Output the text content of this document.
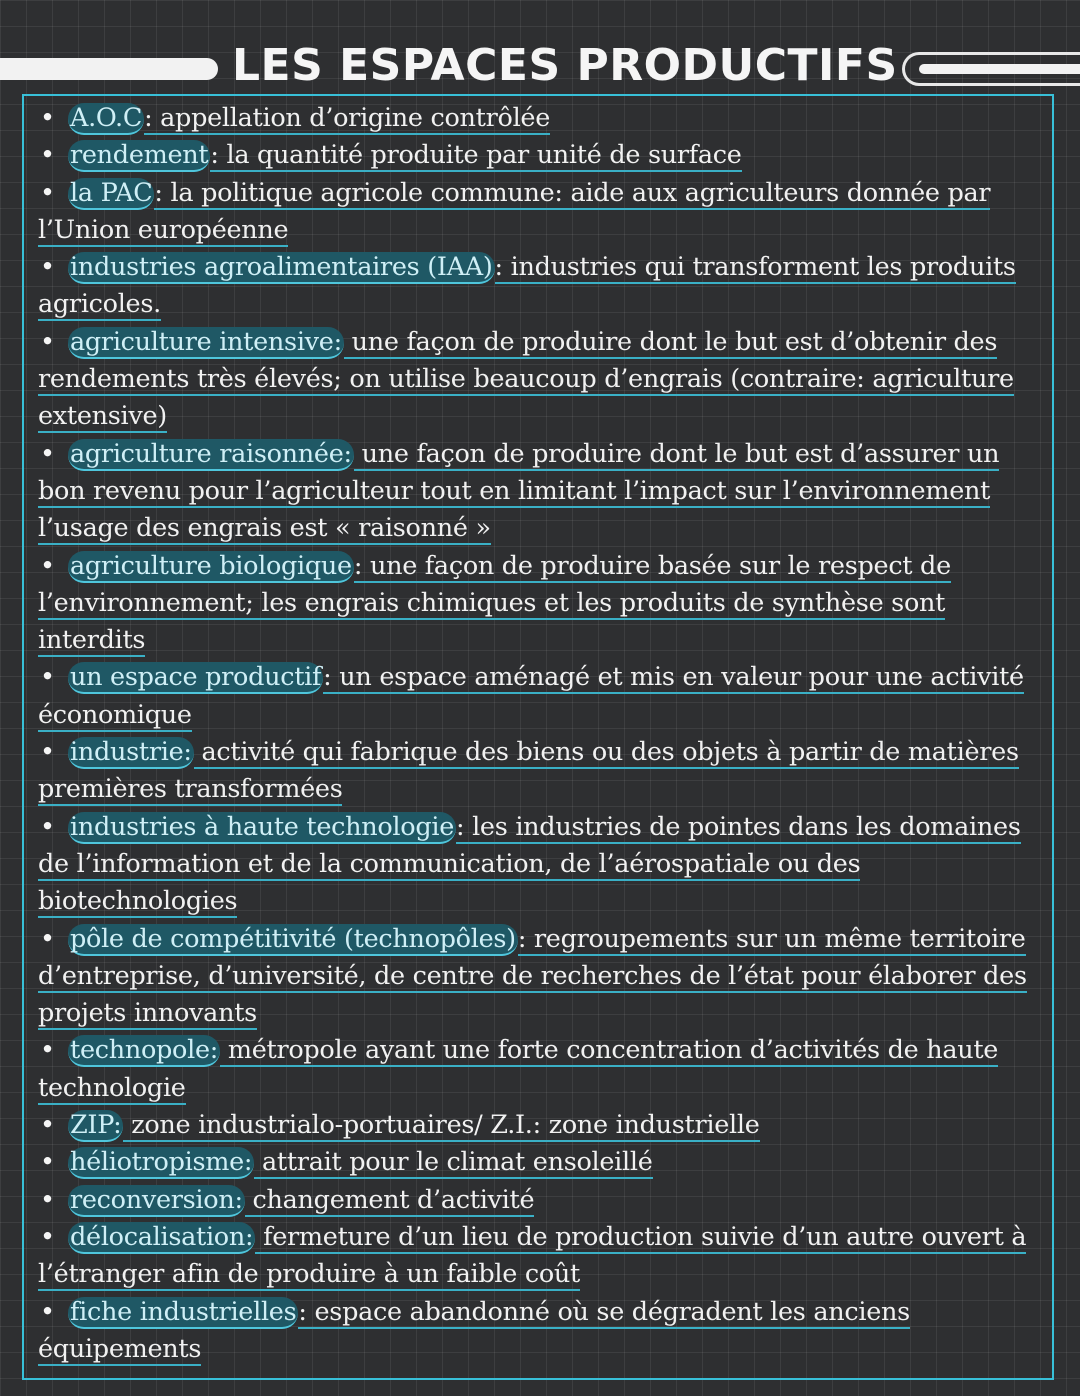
LES ESPACES PRODUCTIFS

• A.O.C: appellation d’origine contrôlée

• rendement: la quantité produite par unité de surface

• la PAC: la politique agricole commune: aide aux agriculteurs donnée par l’Union européenne

• industries agroalimentaires (IAA): industries qui transforment les produits agricoles.

• agriculture intensive: une façon de produire dont le but est d’obtenir des rendements très élevés; on utilise beaucoup d’engrais (contraire: agriculture extensive)

• agriculture raisonnée: une façon de produire dont le but est d’assurer un bon revenu pour l’agriculteur tout en limitant l’impact sur l’environnement l’usage des engrais est « raisonné »

• agriculture biologique: une façon de produire basée sur le respect de l’environnement; les engrais chimiques et les produits de synthèse sont interdits

• un espace productif: un espace aménagé et mis en valeur pour une activité économique

• industrie: activité qui fabrique des biens ou des objets à partir de matières premières transformées

• industries à haute technologie: les industries de pointes dans les domaines de l’information et de la communication, de l’aérospatiale ou des biotechnologies

• pôle de compétitivité (technopôles): regroupements sur un même territoire d’entreprise, d’université, de centre de recherches de l’état pour élaborer des projets innovants

• technopole: métropole ayant une forte concentration d’activités de haute technologie

• ZIP: zone industrialo-portuaires/ Z.I.: zone industrielle

• héliotropisme: attrait pour le climat ensoleillé

• reconversion: changement d’activité

• délocalisation: fermeture d’un lieu de production suivie d’un autre ouvert à l’étranger afin de produire à un faible coût

• fiche industrielles: espace abandonné où se dégradent les anciens équipements
